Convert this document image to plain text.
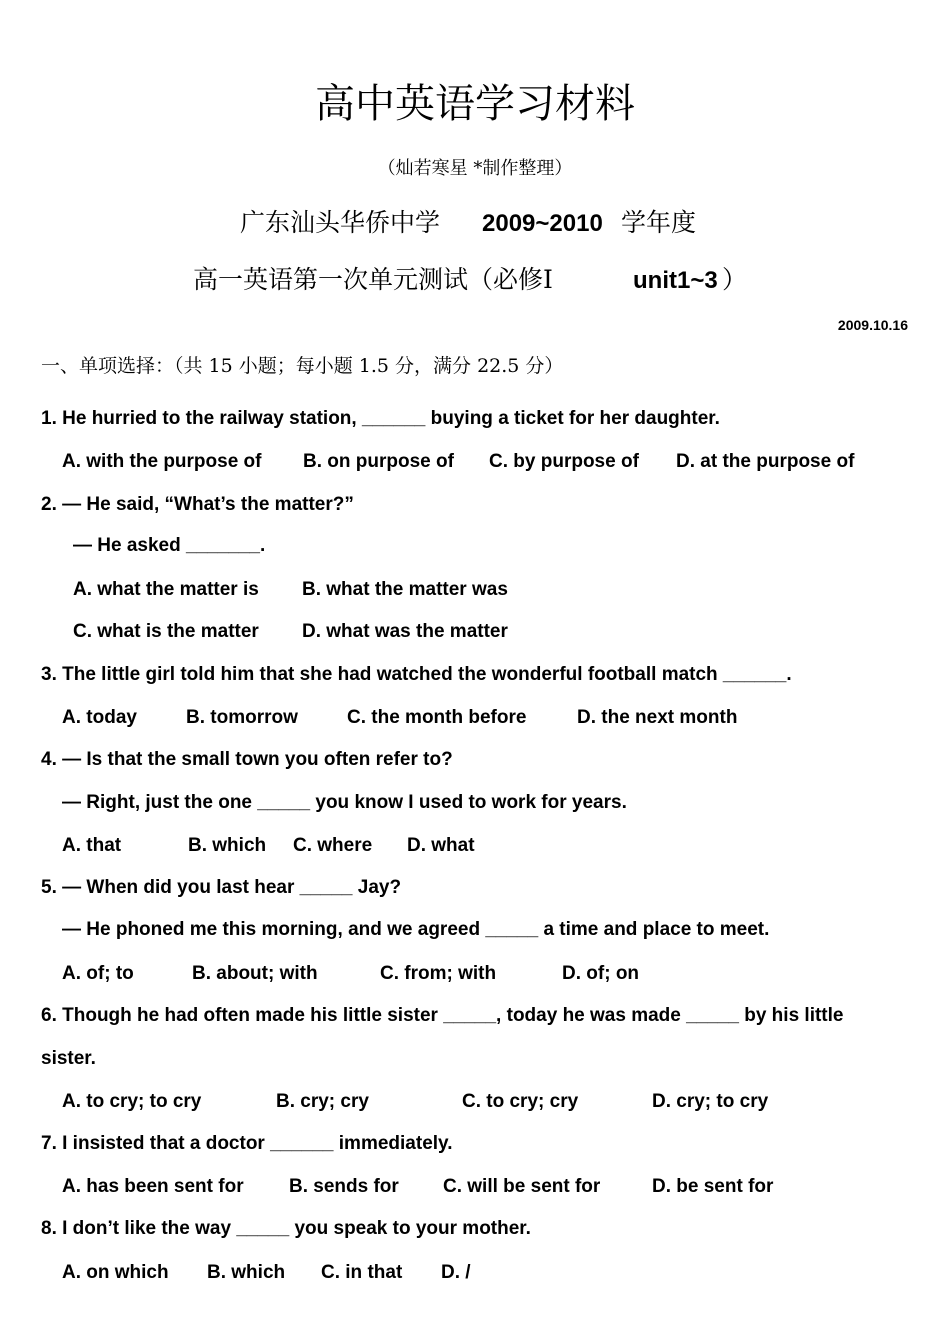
高中英语学习材料
（灿若寒星 *制作整理）
广东汕头华侨中学 2009~2010 学年度
高一英语第一次单元测试（必修Ⅰ	unit1~3 ）
2009.10.16
一、单项选择：（共 15 小题；每小题 1.5 分，满分 22.5 分）
1. He hurried to the railway station, ______ buying a ticket for her daughter.
A. with the purpose of B. on purpose of C. by purpose of D. at the purpose of
2. — He said, “What’s the matter?”
— He asked _______.
A. what the matter is B. what the matter was
C. what is the matter D. what was the matter
3. The little girl told him that she had watched the wonderful football match ______.
A. today	B. tomorrow	C. the month before	D. the next month
4. — Is that the small town you often refer to?
— Right, just the one _____ you know I used to work for years.
A. that	B. which C. where D. what
5. — When did you last hear _____ Jay?
— He phoned me this morning, and we agreed _____ a time and place to meet.
A. of; to	B. about; with	C. from; with	D. of; on
6. Though he had often made his little sister _____, today he was made _____ by his little
sister.
A. to cry; to cry	B. cry; cry	C. to cry; cry	D. cry; to cry
7. I insisted that a doctor ______ immediately.
A. has been sent for B. sends for C. will be sent for	D. be sent for
8. I don’t like the way _____ you speak to your mother.
A. on which B. which C. in that D. /
